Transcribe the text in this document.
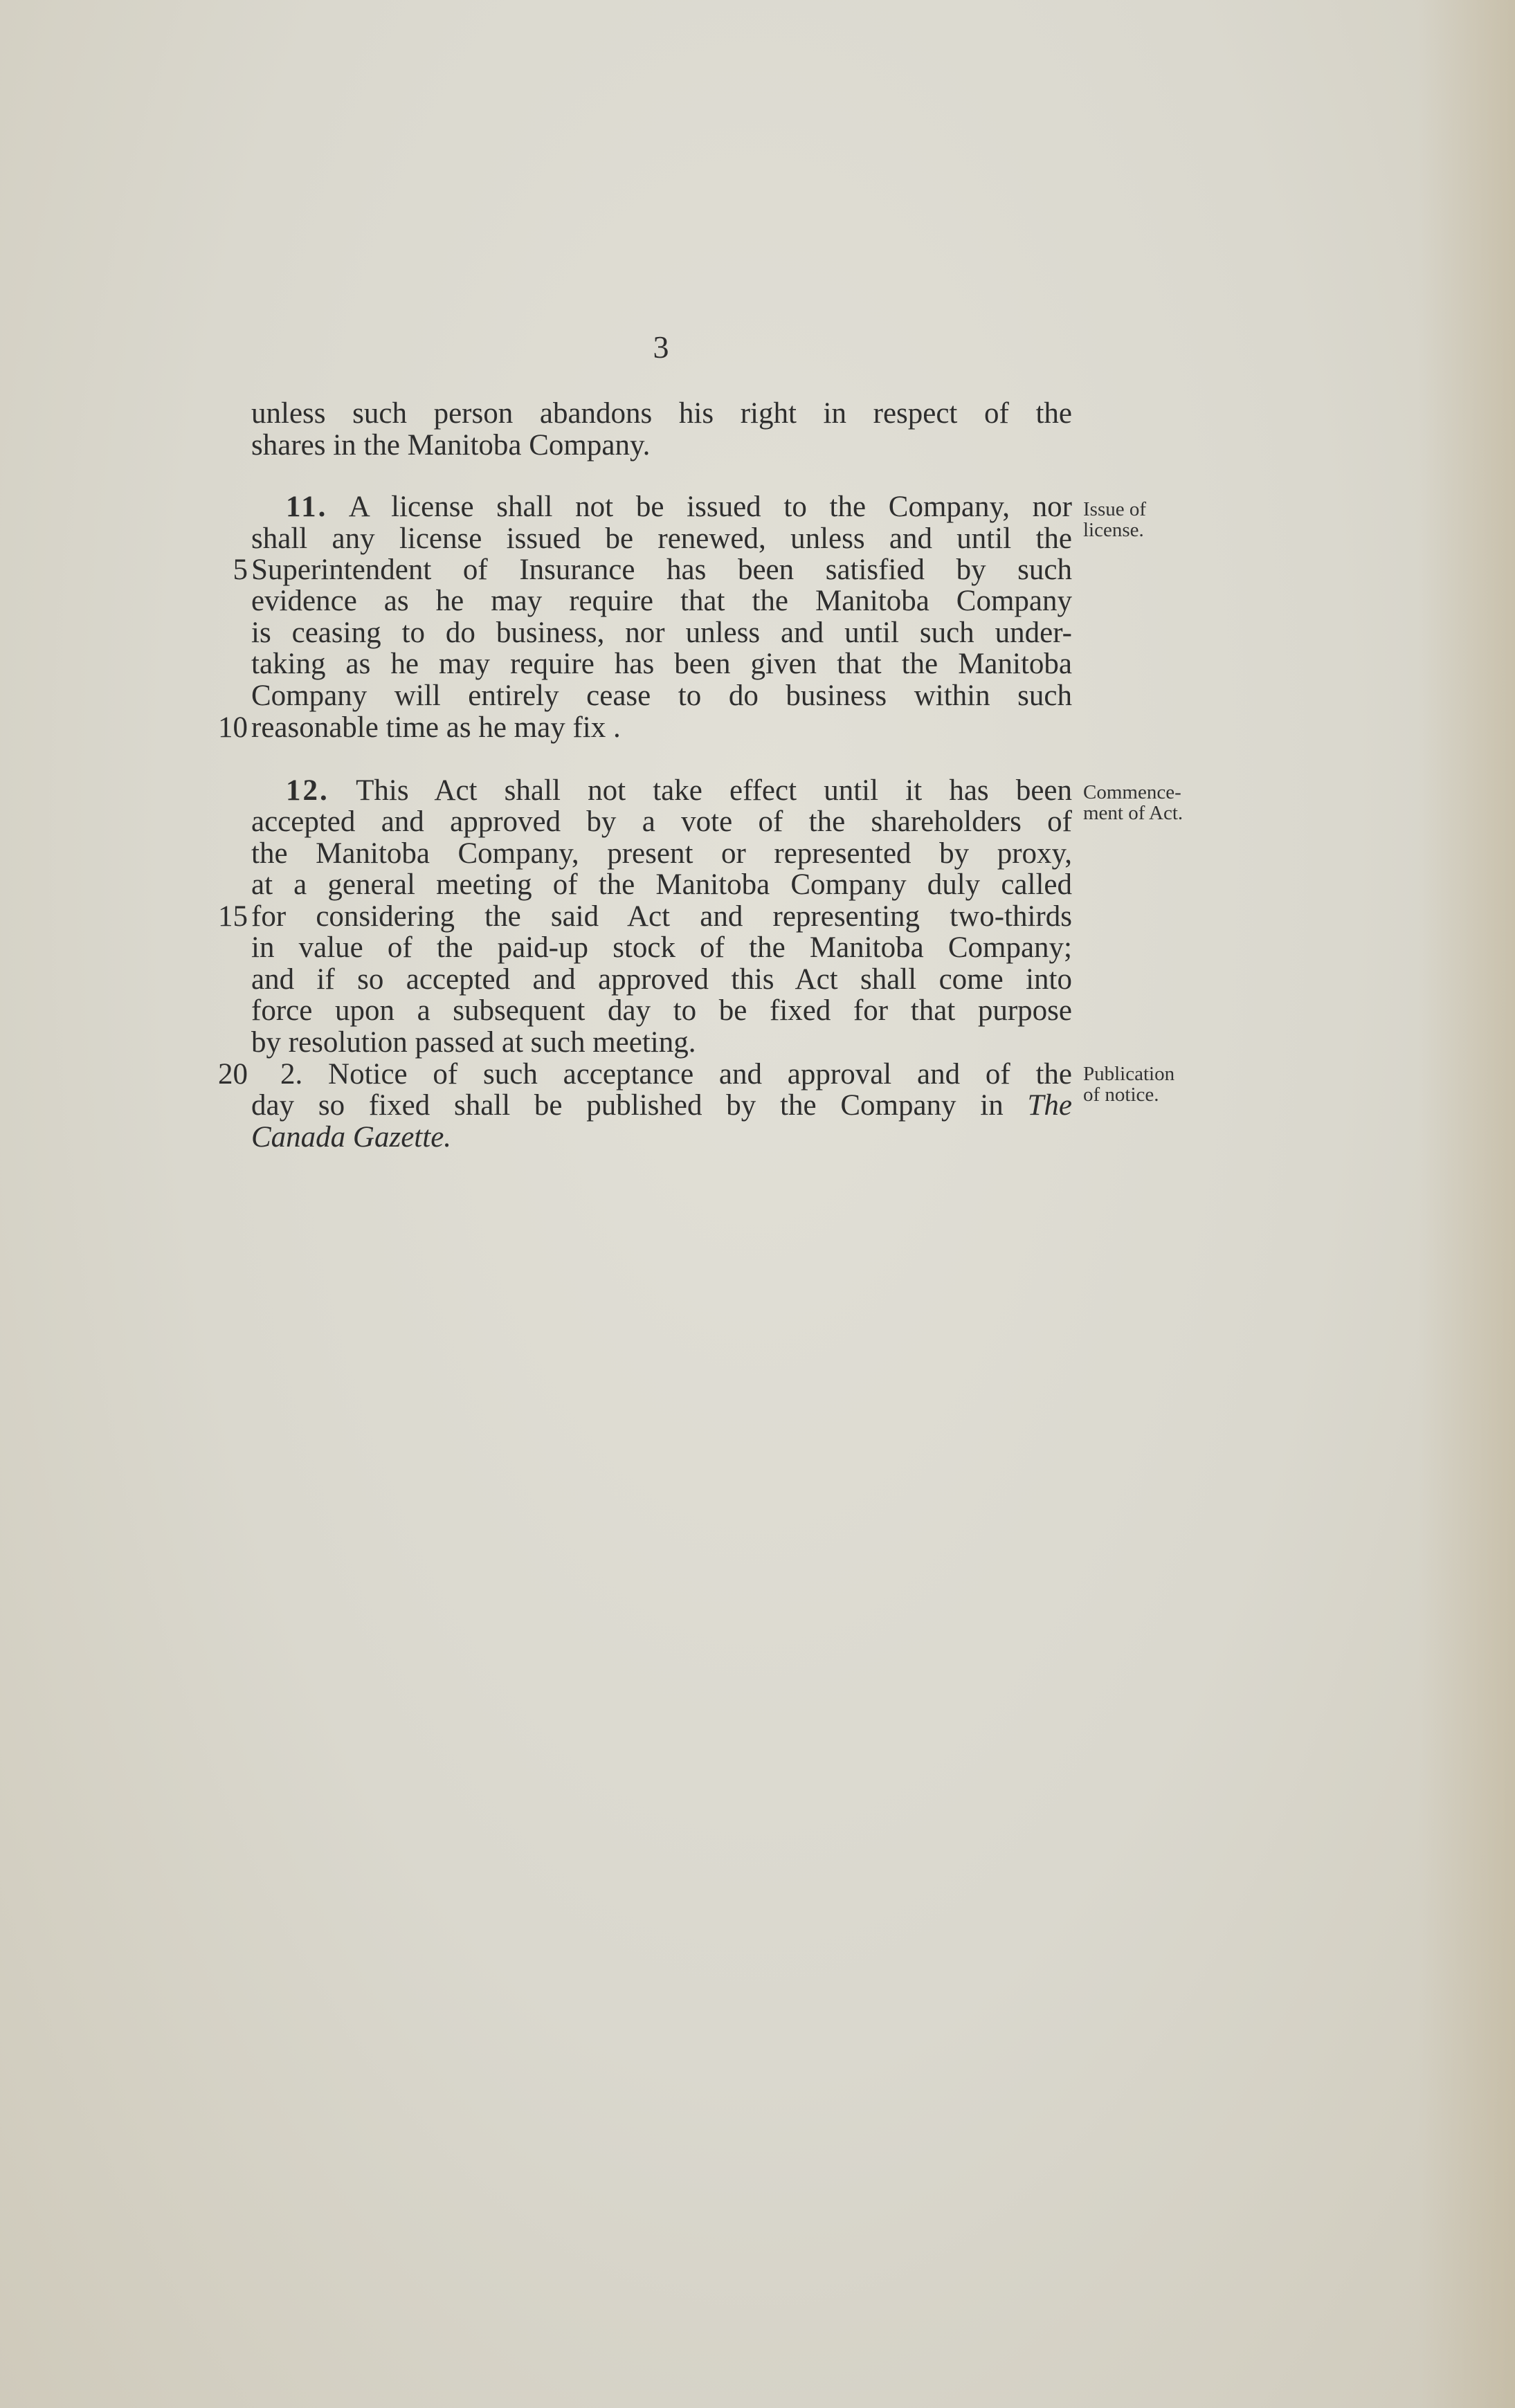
3
unless such person abandons his right in respect of the
shares in the Manitoba Company.
11. A license shall not be issued to the Company, nor
shall any license issued be renewed, unless and until the
Superintendent of Insurance has been satisfied by such
evidence as he may require that the Manitoba Company
is ceasing to do business, nor unless and until such under-
taking as he may require has been given that the Manitoba
Company will entirely cease to do business within such
reasonable time as he may fix .
12. This Act shall not take effect until it has been
accepted and approved by a vote of the shareholders of
the Manitoba Company, present or represented by proxy,
at a general meeting of the Manitoba Company duly called
for considering the said Act and representing two-thirds
in value of the paid-up stock of the Manitoba Company;
and if so accepted and approved this Act shall come into
force upon a subsequent day to be fixed for that purpose
by resolution passed at such meeting.
2. Notice of such acceptance and approval and of the
day so fixed shall be published by the Company in The
Canada Gazette.
5
10
15
20
Issue of
license.
Commence-
ment of Act.
Publication
of notice.
